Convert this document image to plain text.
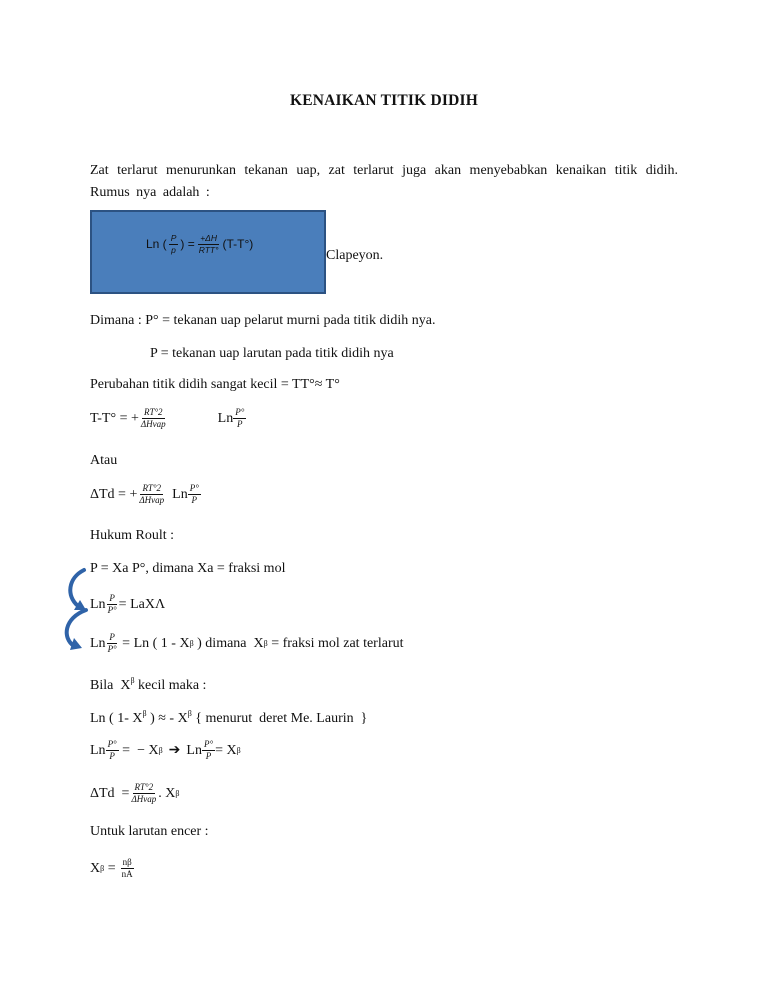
KENAIKAN TITIK DIDIH
Zat terlarut menurunkan tekanan uap, zat terlarut juga akan menyebabkan kenaikan titik didih. Rumus nya adalah :
Ln ( $\frac{P}{p}$ ) = $\frac{+\Delta H}{\text{RTT°}} (T-T^\circ)$
Clapeyon.
Dimana : P° = tekanan uap pelarut murni pada titik didih nya.
P = tekanan uap larutan pada titik didih nya
Perubahan titik didih sangat kecil = TT°≈ T°
T-T° = + $\frac{RT^\circ 2}{\text{ΔHvap}}$	Ln $\frac{P^\circ}{P}$
Atau
ΔTd = + $\frac{RT^\circ 2}{\text{ΔHvap}}$ Ln $\frac{P^\circ}{P}$
Hukum Roult :
P = Xa P°, dimana Xa = fraksi mol
Ln $\frac{P}{P^\circ} = LaX\Lambda$
Ln $\frac{P}{P^\circ} = Ln$ ( 1 - X β ) dimana  X β = fraksi mol zat terlarut
Bila  $X^\beta$ kecil maka :
Ln ( 1- $X^\beta$ ) ≈ - $X^\beta$ { menurut  deret Me. Laurin  }
Ln $\frac{P^\circ}{P}$ =  − X β ➔ Ln $\frac{P^\circ}{P} = X$ β
$\Delta Td = \frac{RT^\circ 2}{\text{ΔHvap}}$ . X β
Untuk larutan encer :
X $\beta = \frac{n\beta}{nA}$
